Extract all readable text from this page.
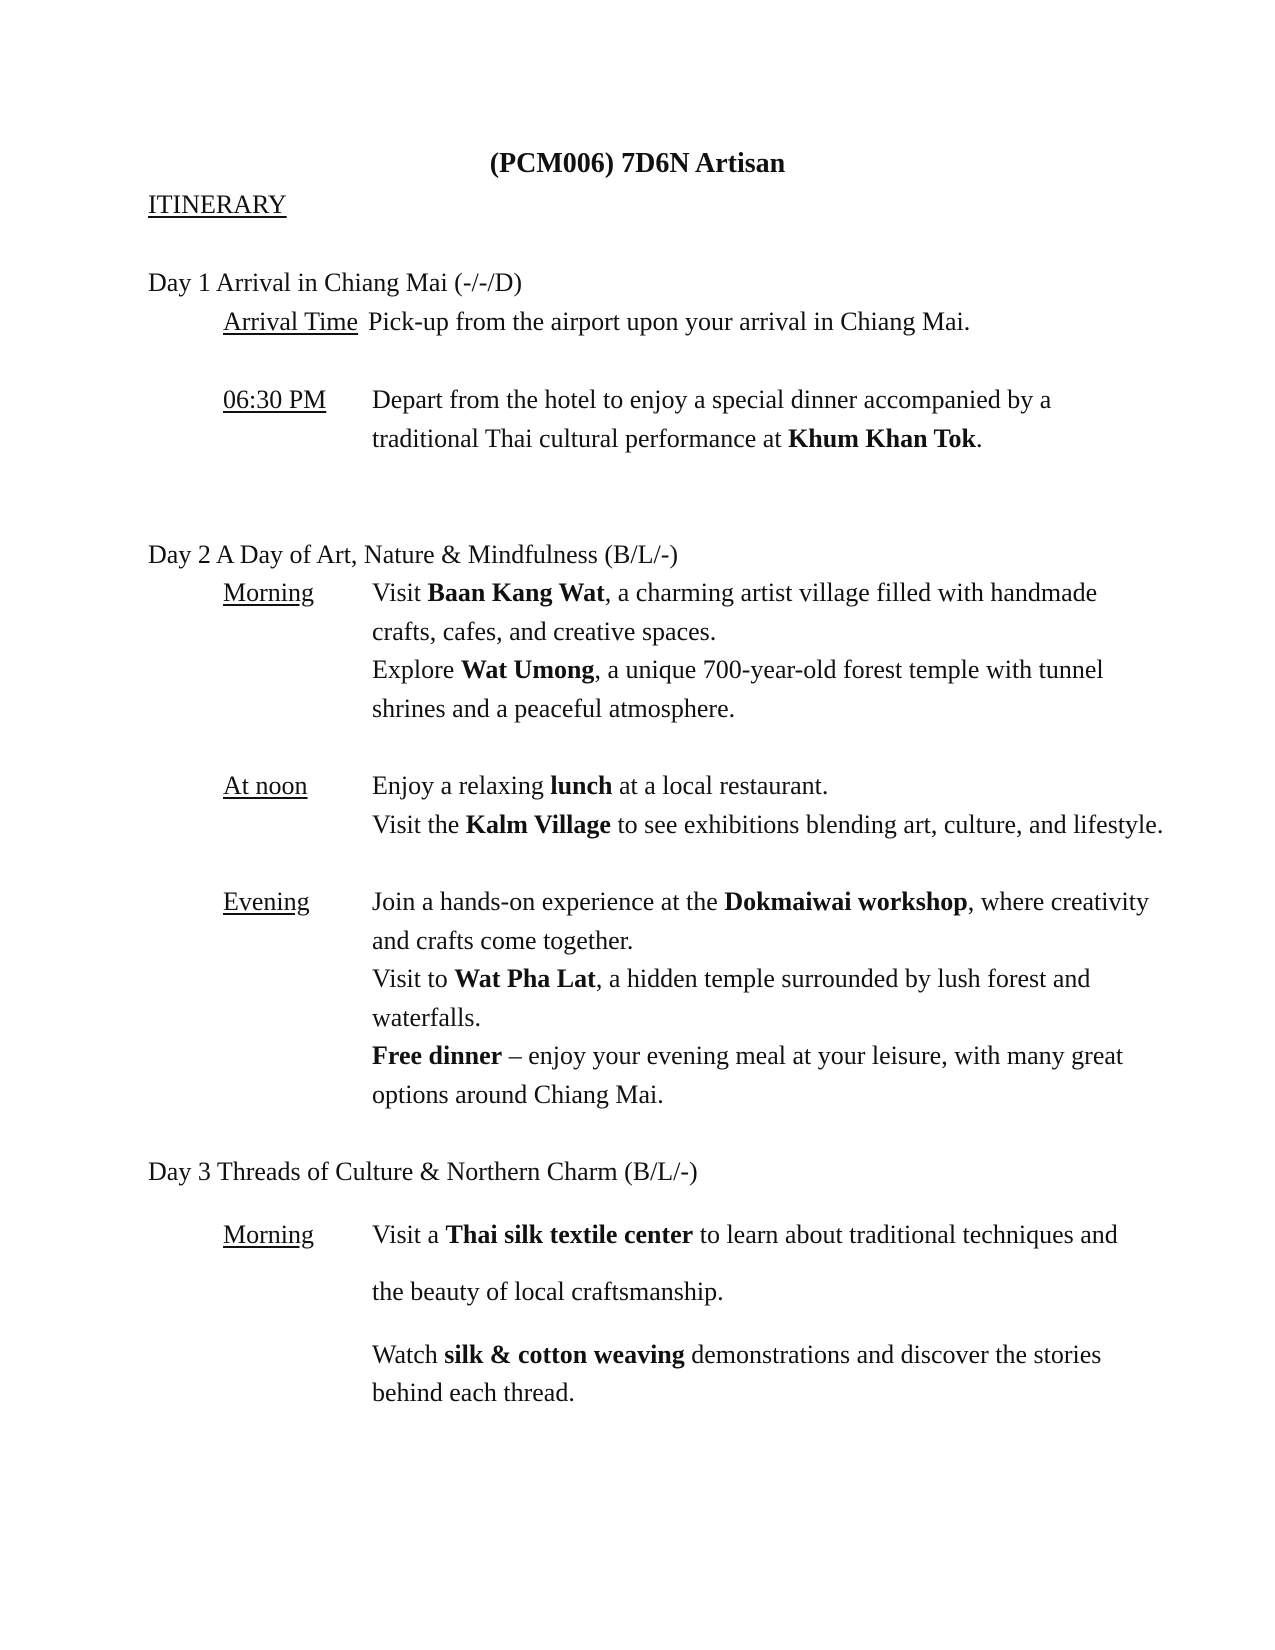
(PCM006) 7D6N Artisan
ITINERARY
Day 1 Arrival in Chiang Mai (-/-/D)
Arrival Time Pick-up from the airport upon your arrival in Chiang Mai.
06:30 PM Depart from the hotel to enjoy a special dinner accompanied by a
traditional Thai cultural performance at Khum Khan Tok.
Day 2 A Day of Art, Nature & Mindfulness (B/L/-)
Morning Visit Baan Kang Wat, a charming artist village filled with handmade
crafts, cafes, and creative spaces.
Explore Wat Umong, a unique 700-year-old forest temple with tunnel
shrines and a peaceful atmosphere.
At noon Enjoy a relaxing lunch at a local restaurant.
Visit the Kalm Village to see exhibitions blending art, culture, and lifestyle.
Evening Join a hands-on experience at the Dokmaiwai workshop, where creativity
and crafts come together.
Visit to Wat Pha Lat, a hidden temple surrounded by lush forest and
waterfalls.
Free dinner – enjoy your evening meal at your leisure, with many great
options around Chiang Mai.
Day 3 Threads of Culture & Northern Charm (B/L/-)
Morning Visit a Thai silk textile center to learn about traditional techniques and
the beauty of local craftsmanship.
Watch silk & cotton weaving demonstrations and discover the stories
behind each thread.
